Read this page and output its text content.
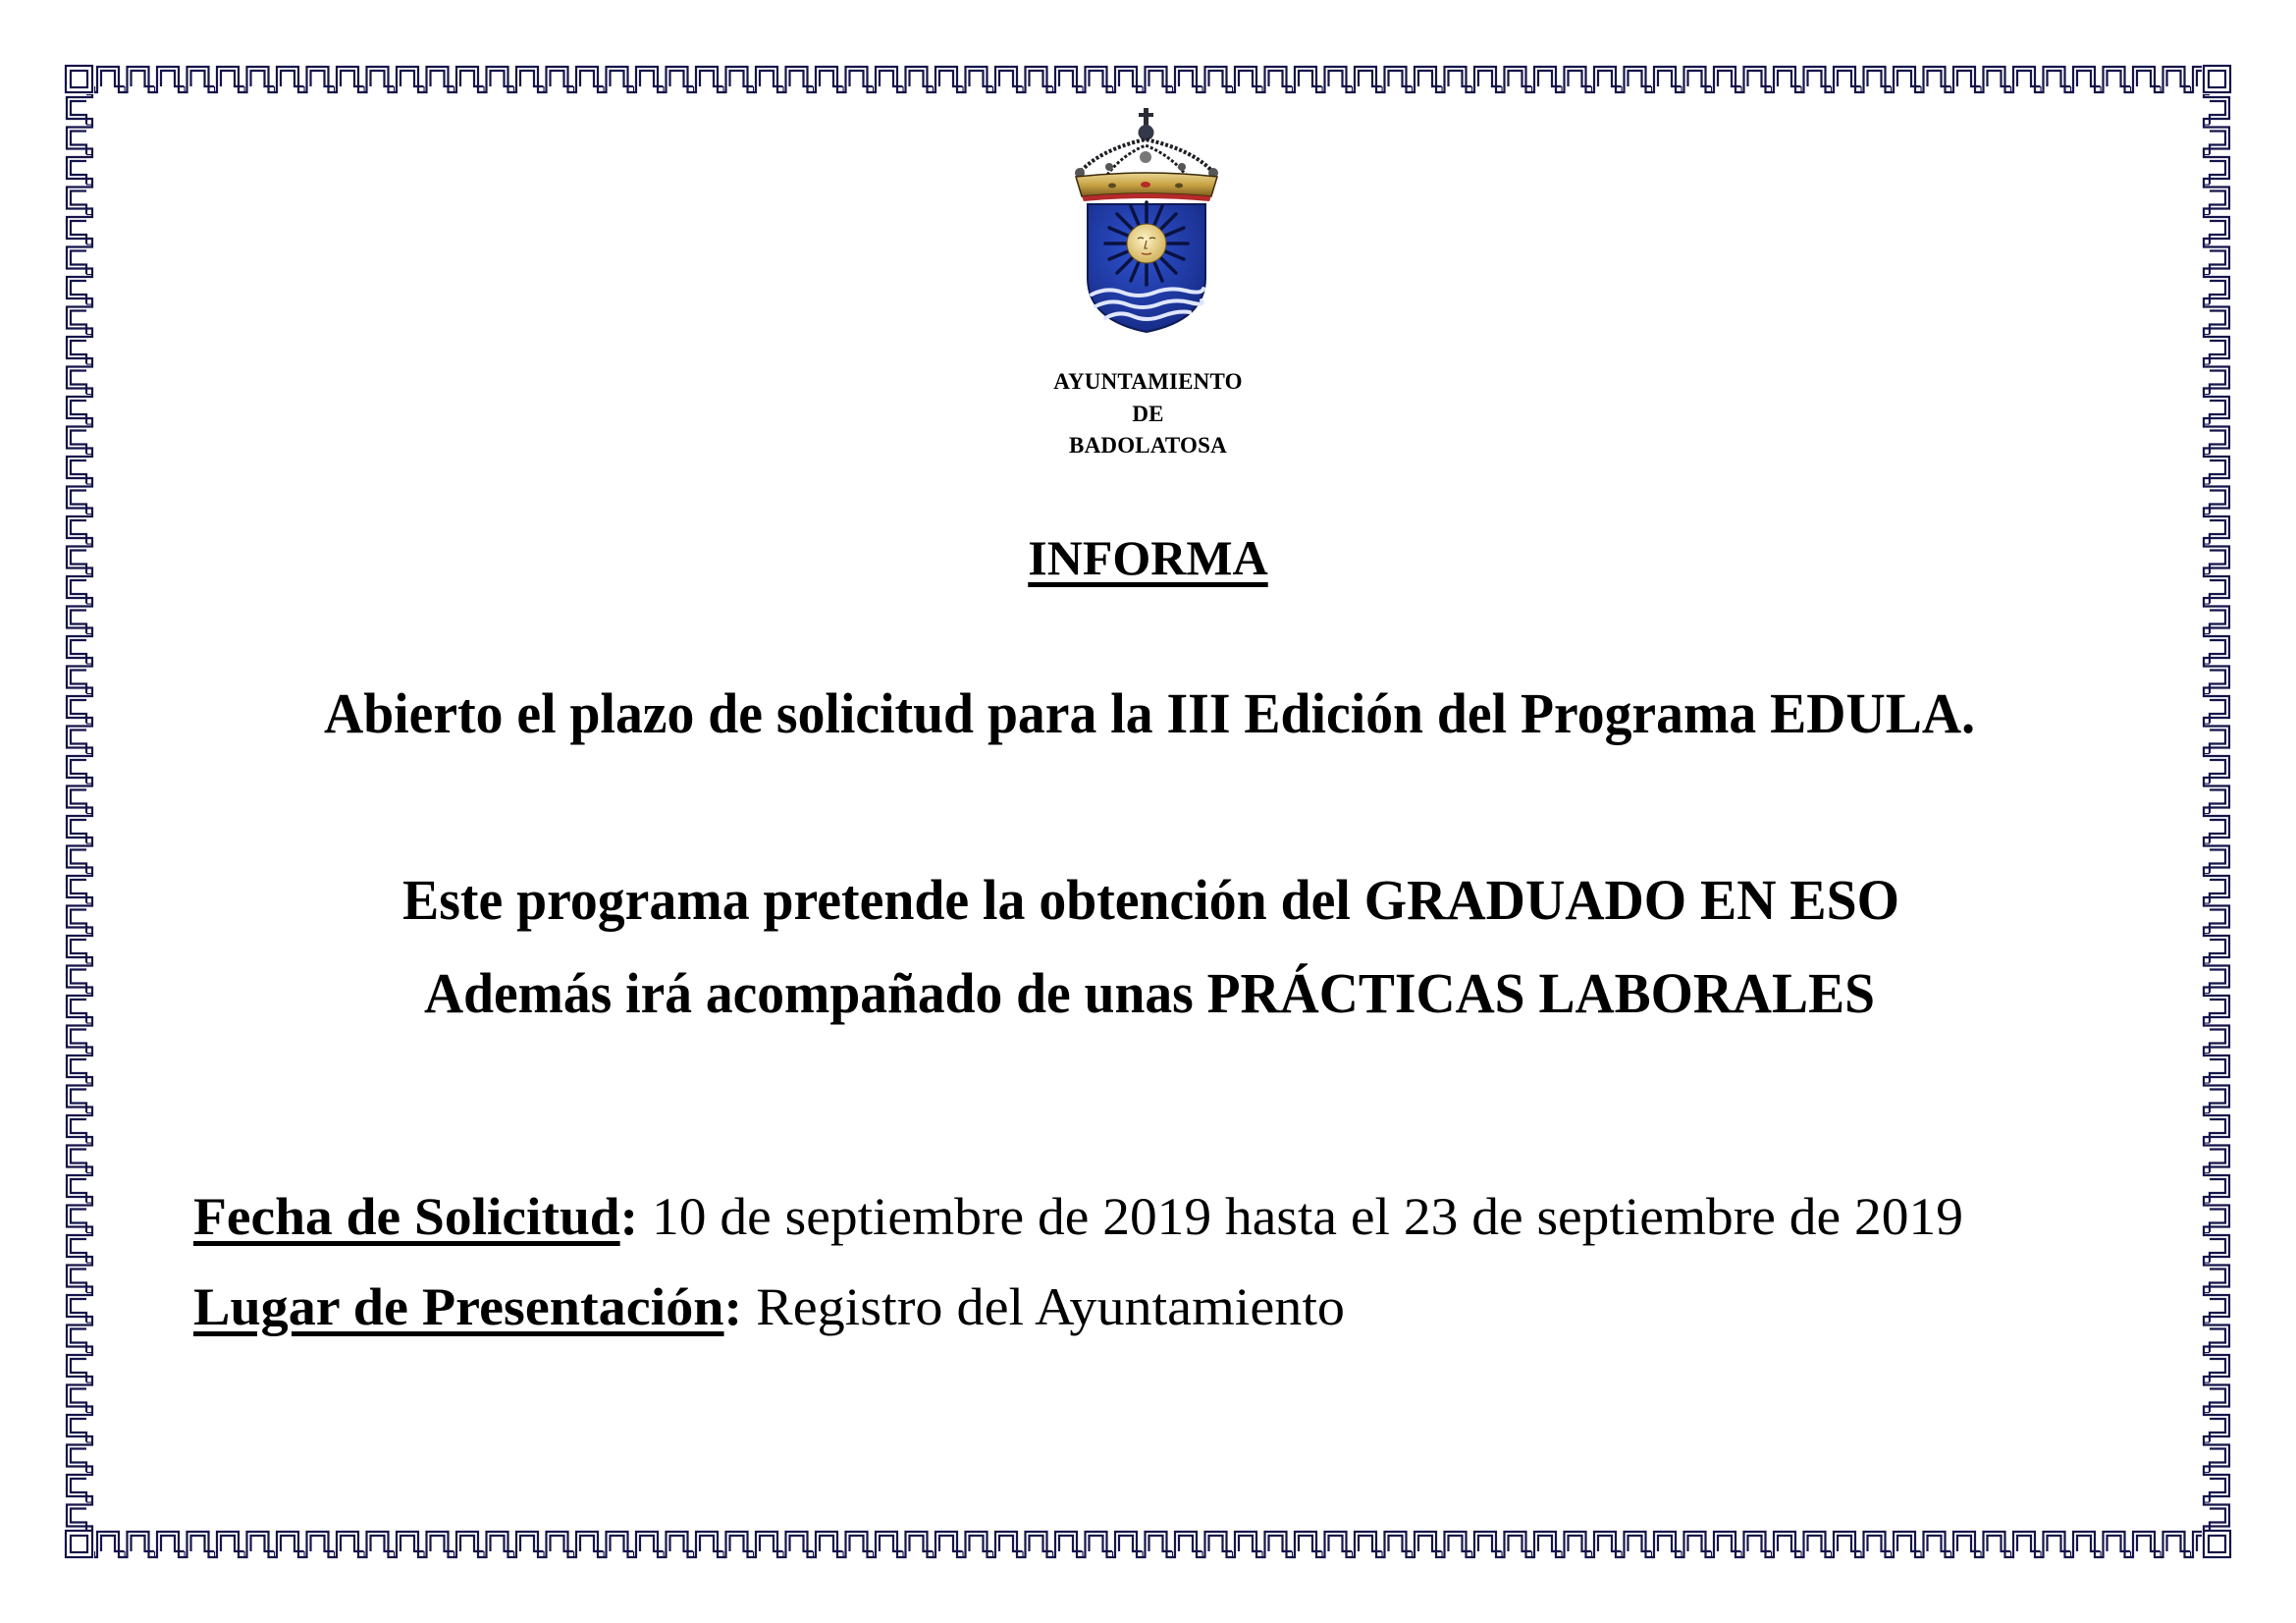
AYUNTAMIENTO
DE
BADOLATOSA
INFORMA
Abierto el plazo de solicitud para la III Edición del Programa EDULA.
Este programa pretende la obtención del GRADUADO EN ESO
Además irá acompañado de unas PRÁCTICAS LABORALES
Fecha de Solicitud: 10 de septiembre de 2019 hasta el 23 de septiembre de 2019
Lugar de Presentación: Registro del Ayuntamiento
